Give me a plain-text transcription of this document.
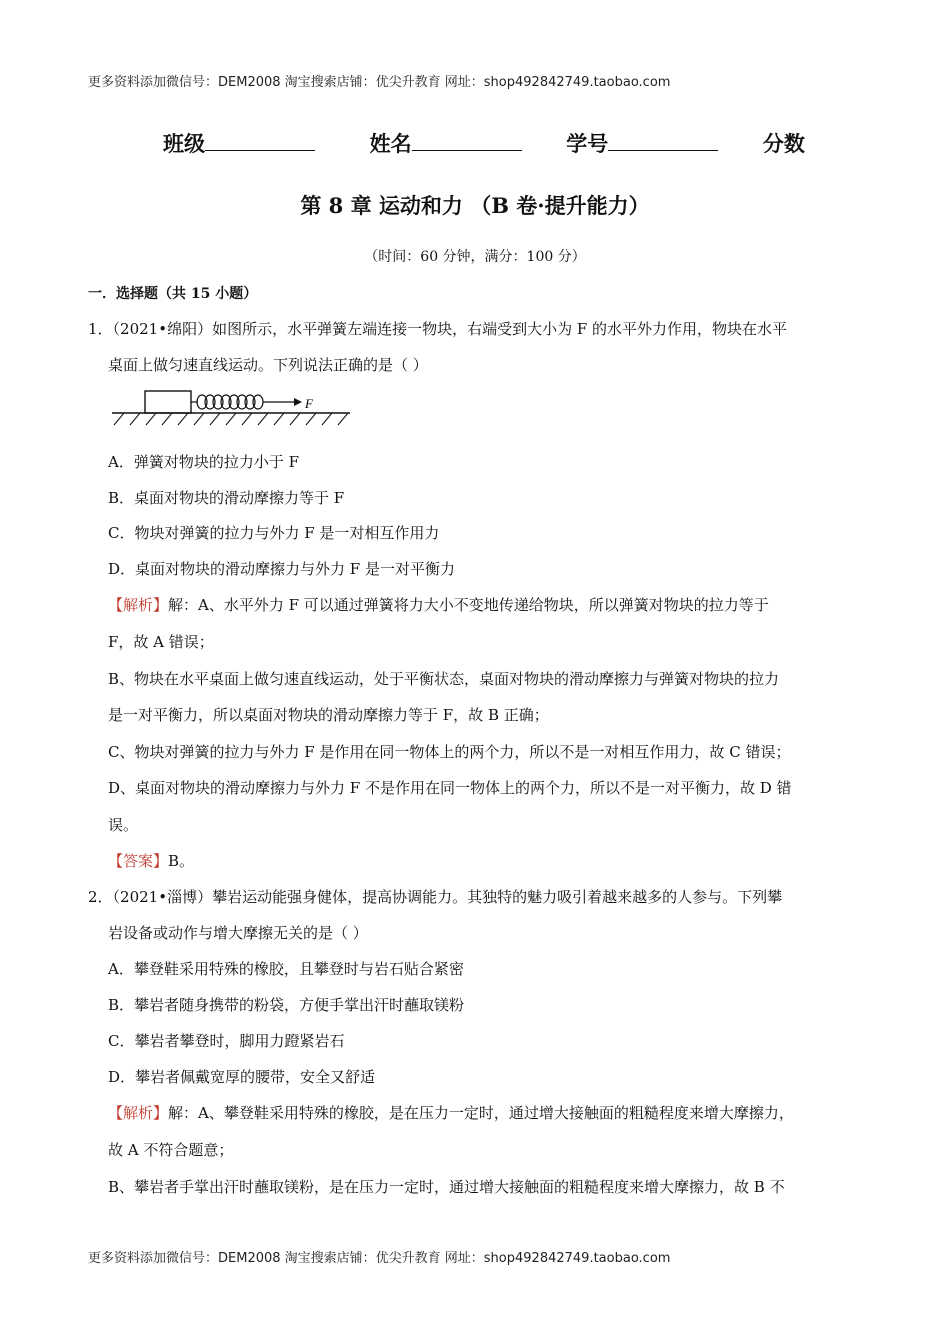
更多资料添加微信号：DEM2008 淘宝搜索店铺：优尖升教育 网址：shop492842749.taobao.com
班级	姓名	学号	分数
第 8 章 运动和力 （B 卷·提升能力）
（时间：60 分钟，满分：100 分）
一．选择题（共 15 小题）
1．（2021•绵阳）如图所示，水平弹簧左端连接一物块，右端受到大小为 F 的水平外力作用，物块在水平
桌面上做匀速直线运动。下列说法正确的是（ ）
F
A．弹簧对物块的拉力小于 F
B．桌面对物块的滑动摩擦力等于 F
C．物块对弹簧的拉力与外力 F 是一对相互作用力
D．桌面对物块的滑动摩擦力与外力 F 是一对平衡力
【解析】解：A、水平外力 F 可以通过弹簧将力大小不变地传递给物块，所以弹簧对物块的拉力等于
F，故 A 错误；
B、物块在水平桌面上做匀速直线运动，处于平衡状态，桌面对物块的滑动摩擦力与弹簧对物块的拉力
是一对平衡力，所以桌面对物块的滑动摩擦力等于 F，故 B 正确；
C、物块对弹簧的拉力与外力 F 是作用在同一物体上的两个力，所以不是一对相互作用力，故 C 错误；
D、桌面对物块的滑动摩擦力与外力 F 不是作用在同一物体上的两个力，所以不是一对平衡力，故 D 错
误。
【答案】B。
2．（2021•淄博）攀岩运动能强身健体，提高协调能力。其独特的魅力吸引着越来越多的人参与。下列攀
岩设备或动作与增大摩擦无关的是（ ）
A．攀登鞋采用特殊的橡胶，且攀登时与岩石贴合紧密
B．攀岩者随身携带的粉袋，方便手掌出汗时蘸取镁粉
C．攀岩者攀登时，脚用力蹬紧岩石
D．攀岩者佩戴宽厚的腰带，安全又舒适
【解析】解：A、攀登鞋采用特殊的橡胶，是在压力一定时，通过增大接触面的粗糙程度来增大摩擦力，
故 A 不符合题意；
B、攀岩者手掌出汗时蘸取镁粉，是在压力一定时，通过增大接触面的粗糙程度来增大摩擦力，故 B 不
更多资料添加微信号：DEM2008 淘宝搜索店铺：优尖升教育 网址：shop492842749.taobao.com
